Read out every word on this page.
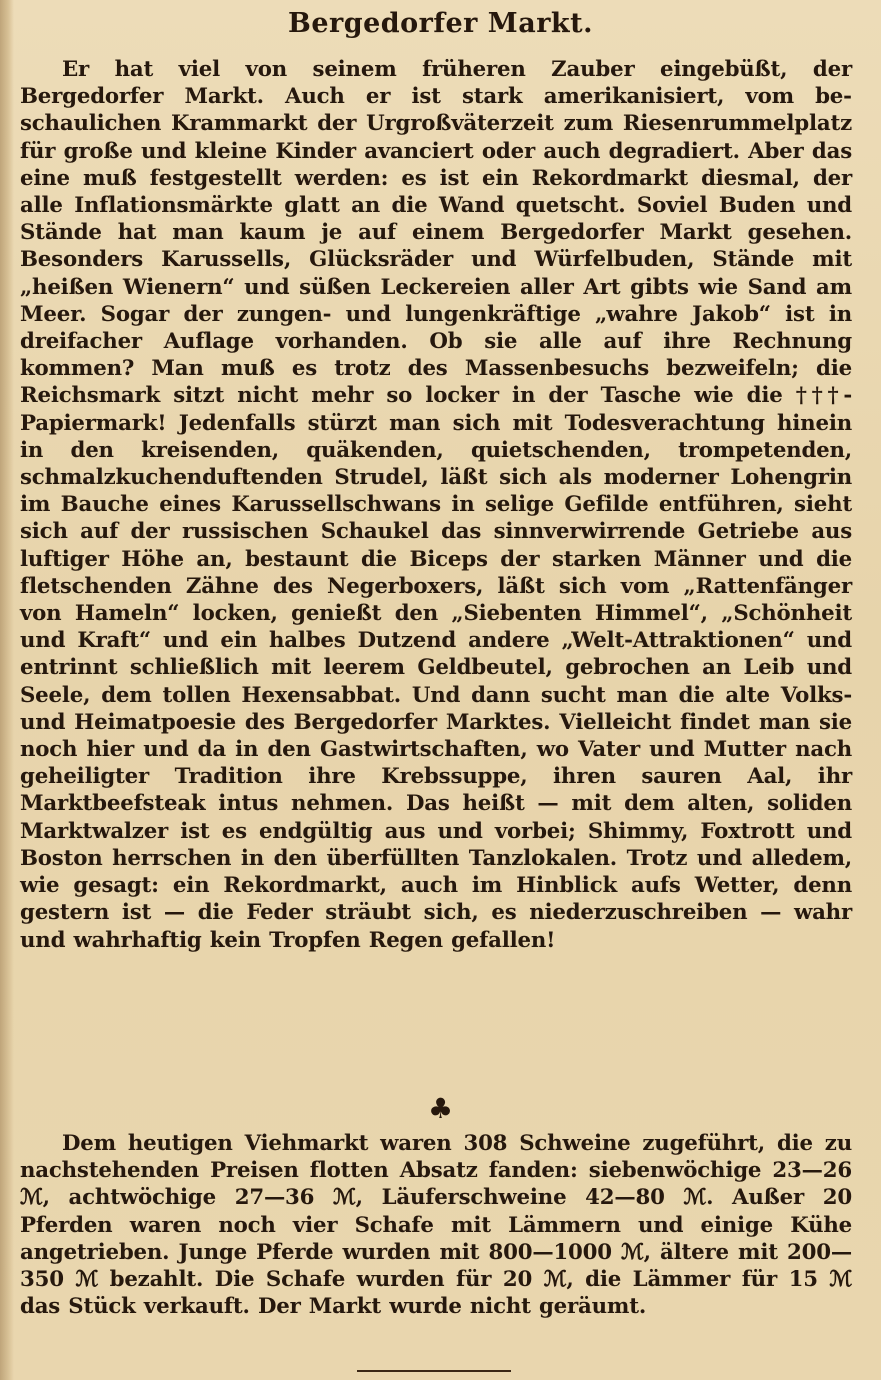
Bergedorfer Markt.

Er hat viel von seinem früheren Zauber eingebüßt, der Bergedorfer Markt. Auch er ist stark amerikanisiert, vom beschaulichen Krammarkt der Urgroßväterzeit zum Riesenrummelplatz für große und kleine Kinder avanciert oder auch degradiert. Aber das eine muß festgestellt werden: es ist ein Rekordmarkt diesmal, der alle Inflationsmärkte glatt an die Wand quetscht. Soviel Buden und Stände hat man kaum je auf einem Bergedorfer Markt gesehen. Besonders Karussells, Glücksräder und Würfelbuden, Stände mit „heißen Wienern“ und süßen Leckereien aller Art gibts wie Sand am Meer. Sogar der zungen- und lungenkräftige „wahre Jakob“ ist in dreifacher Auflage vorhanden. Ob sie alle auf ihre Rechnung kommen? Man muß es trotz des Massenbesuchs bezweifeln; die Reichsmark sitzt nicht mehr so locker in der Tasche wie die †††-Papiermark! Jedenfalls stürzt man sich mit Todesverachtung hinein in den kreisenden, quäkenden, quietschenden, trompetenden, schmalzkuchenduftenden Strudel, läßt sich als moderner Lohengrin im Bauche eines Karussellschwans in selige Gefilde entführen, sieht sich auf der russischen Schaukel das sinnverwirrende Getriebe aus luftiger Höhe an, bestaunt die Biceps der starken Männer und die fletschenden Zähne des Negerboxers, läßt sich vom „Rattenfänger von Hameln“ locken, genießt den „Siebenten Himmel“, „Schönheit und Kraft“ und ein halbes Dutzend andere „Welt-Attraktionen“ und entrinnt schließlich mit leerem Geldbeutel, gebrochen an Leib und Seele, dem tollen Hexensabbat. Und dann sucht man die alte Volks- und Heimatpoesie des Bergedorfer Marktes. Vielleicht findet man sie noch hier und da in den Gastwirtschaften, wo Vater und Mutter nach geheiligter Tradition ihre Krebssuppe, ihren sauren Aal, ihr Marktbeefsteak intus nehmen. Das heißt — mit dem alten, soliden Marktwalzer ist es endgültig aus und vorbei; Shimmy, Foxtrott und Boston herrschen in den überfüllten Tanzlokalen. Trotz und alledem, wie gesagt: ein Rekordmarkt, auch im Hinblick aufs Wetter, denn gestern ist — die Feder sträubt sich, es niederzuschreiben — wahr und wahrhaftig kein Tropfen Regen gefallen!

♣

Dem heutigen Viehmarkt waren 308 Schweine zugeführt, die zu nachstehenden Preisen flotten Absatz fanden: siebenwöchige 23—26 ℳ, achtwöchige 27—36 ℳ, Läuferschweine 42—80 ℳ. Außer 20 Pferden waren noch vier Schafe mit Lämmern und einige Kühe angetrieben. Junge Pferde wurden mit 800—1000 ℳ, ältere mit 200—350 ℳ bezahlt. Die Schafe wurden für 20 ℳ, die Lämmer für 15 ℳ das Stück verkauft. Der Markt wurde nicht geräumt.
